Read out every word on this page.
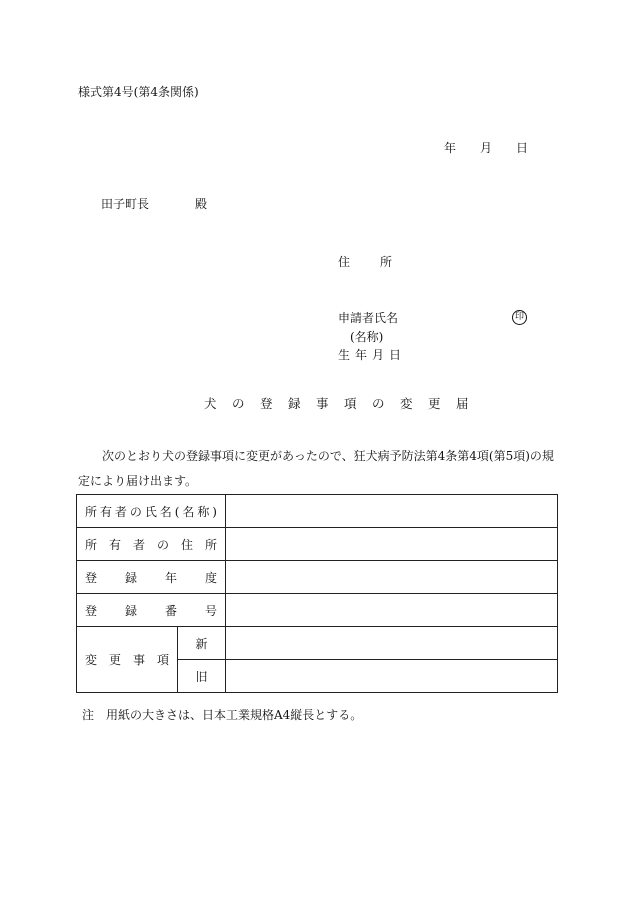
様式第4号(第4条関係)
年 月 日
田子町長	殿
住所
申請者氏名	印
(名称)
生年月日
犬の登録事項の変更届
次のとおり犬の登録事項に変更があったので、狂犬病予防法第4条第4項(第5項)の規定により届け出ます。
所有者の氏名(名称)		
所有者の住所		
登録年度		
登録番号		
変更事項	新	
	旧	
注　用紙の大きさは、日本工業規格A4縦長とする。
